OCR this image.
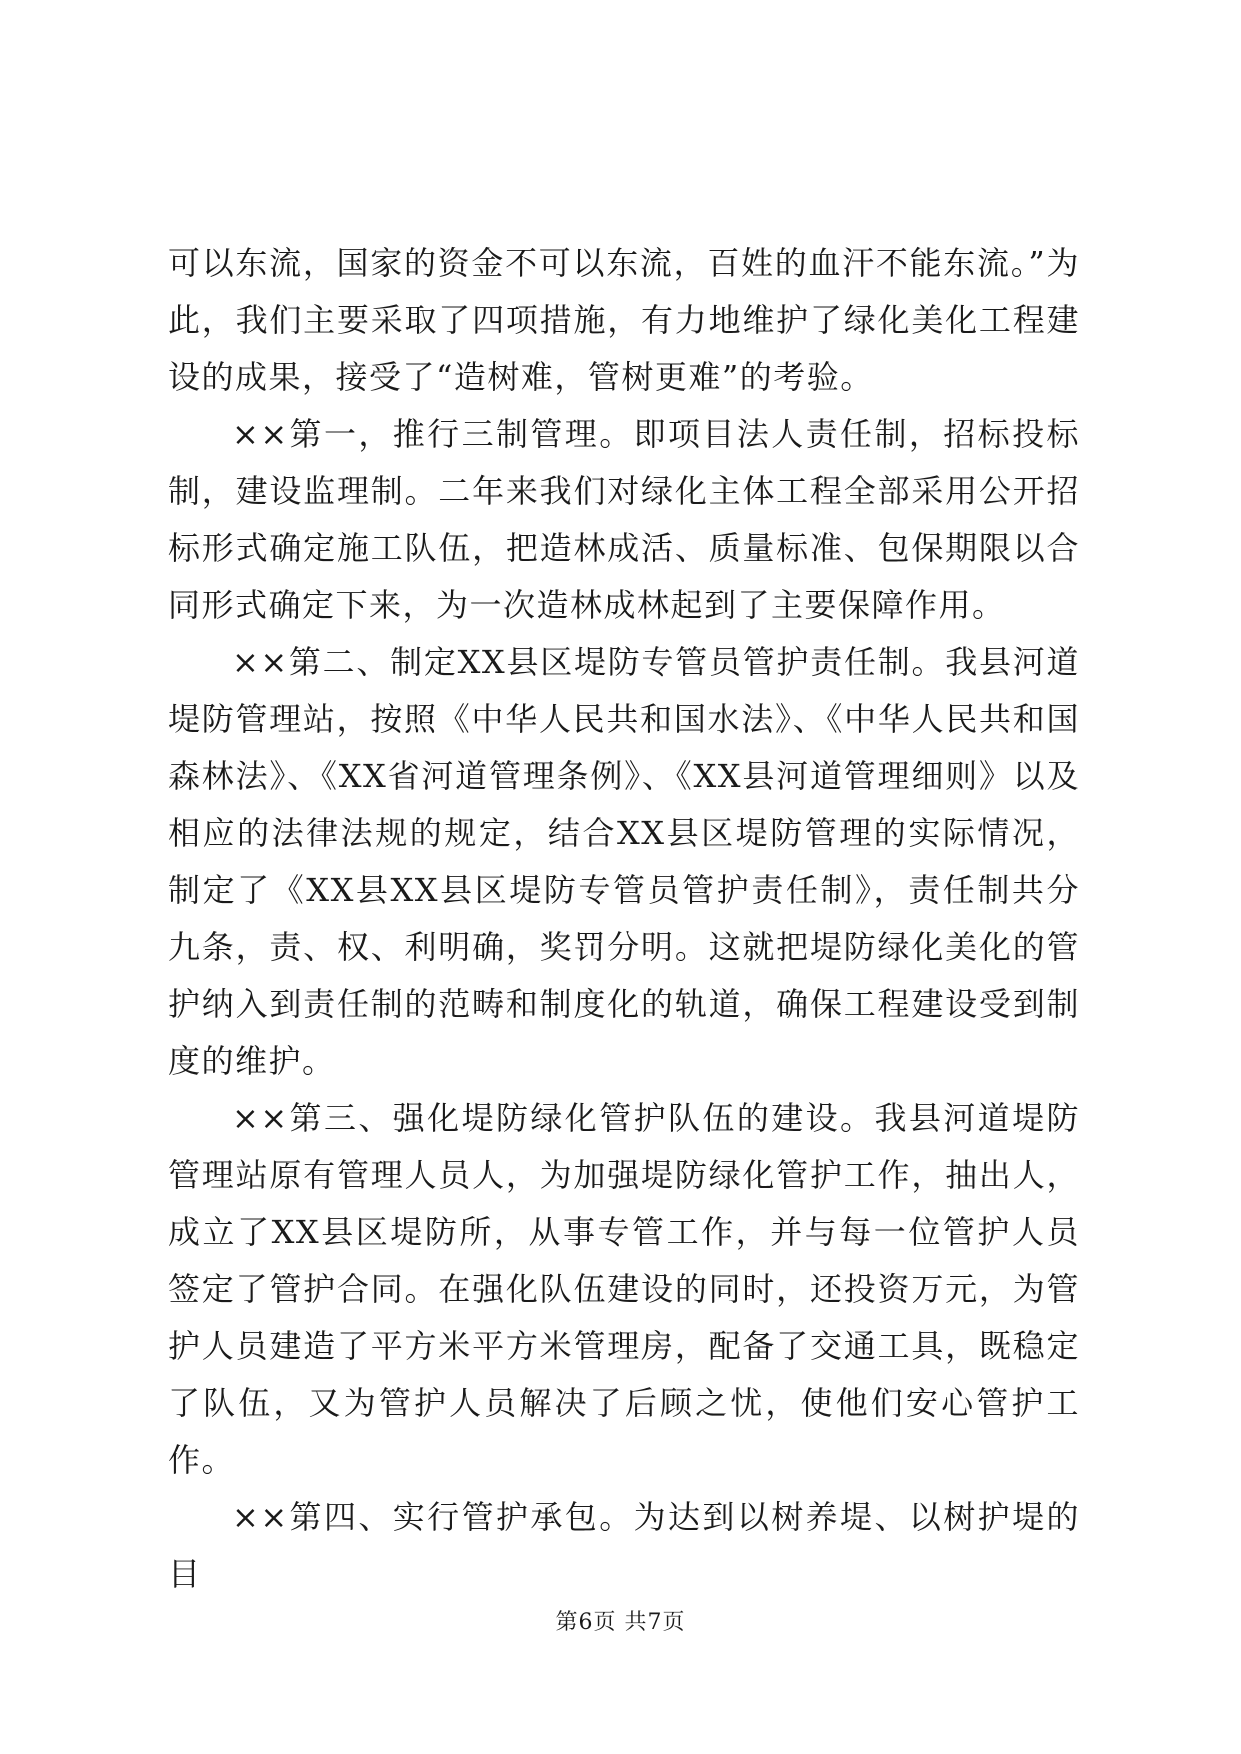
可以东流，国家的资金不可以东流，百姓的血汗不能东流。”为此，我们主要采取了四项措施，有力地维护了绿化美化工程建设的成果，接受了“造树难，管树更难”的考验。

××第一，推行三制管理。即项目法人责任制，招标投标制，建设监理制。二年来我们对绿化主体工程全部采用公开招标形式确定施工队伍，把造林成活、质量标准、包保期限以合同形式确定下来，为一次造林成林起到了主要保障作用。

××第二、制定XX县区堤防专管员管护责任制。我县河道堤防管理站，按照《中华人民共和国水法》、《中华人民共和国森林法》、《XX省河道管理条例》、《XX县河道管理细则》以及相应的法律法规的规定，结合XX县区堤防管理的实际情况，制定了《XX县XX县区堤防专管员管护责任制》，责任制共分九条，责、权、利明确，奖罚分明。这就把堤防绿化美化的管护纳入到责任制的范畴和制度化的轨道，确保工程建设受到制度的维护。

××第三、强化堤防绿化管护队伍的建设。我县河道堤防管理站原有管理人员人，为加强堤防绿化管护工作，抽出人，成立了XX县区堤防所，从事专管工作，并与每一位管护人员签定了管护合同。在强化队伍建设的同时，还投资万元，为管护人员建造了平方米平方米管理房，配备了交通工具，既稳定了队伍，又为管护人员解决了后顾之忧，使他们安心管护工作。

××第四、实行管护承包。为达到以树养堤、以树护堤的目

第6页 共7页
